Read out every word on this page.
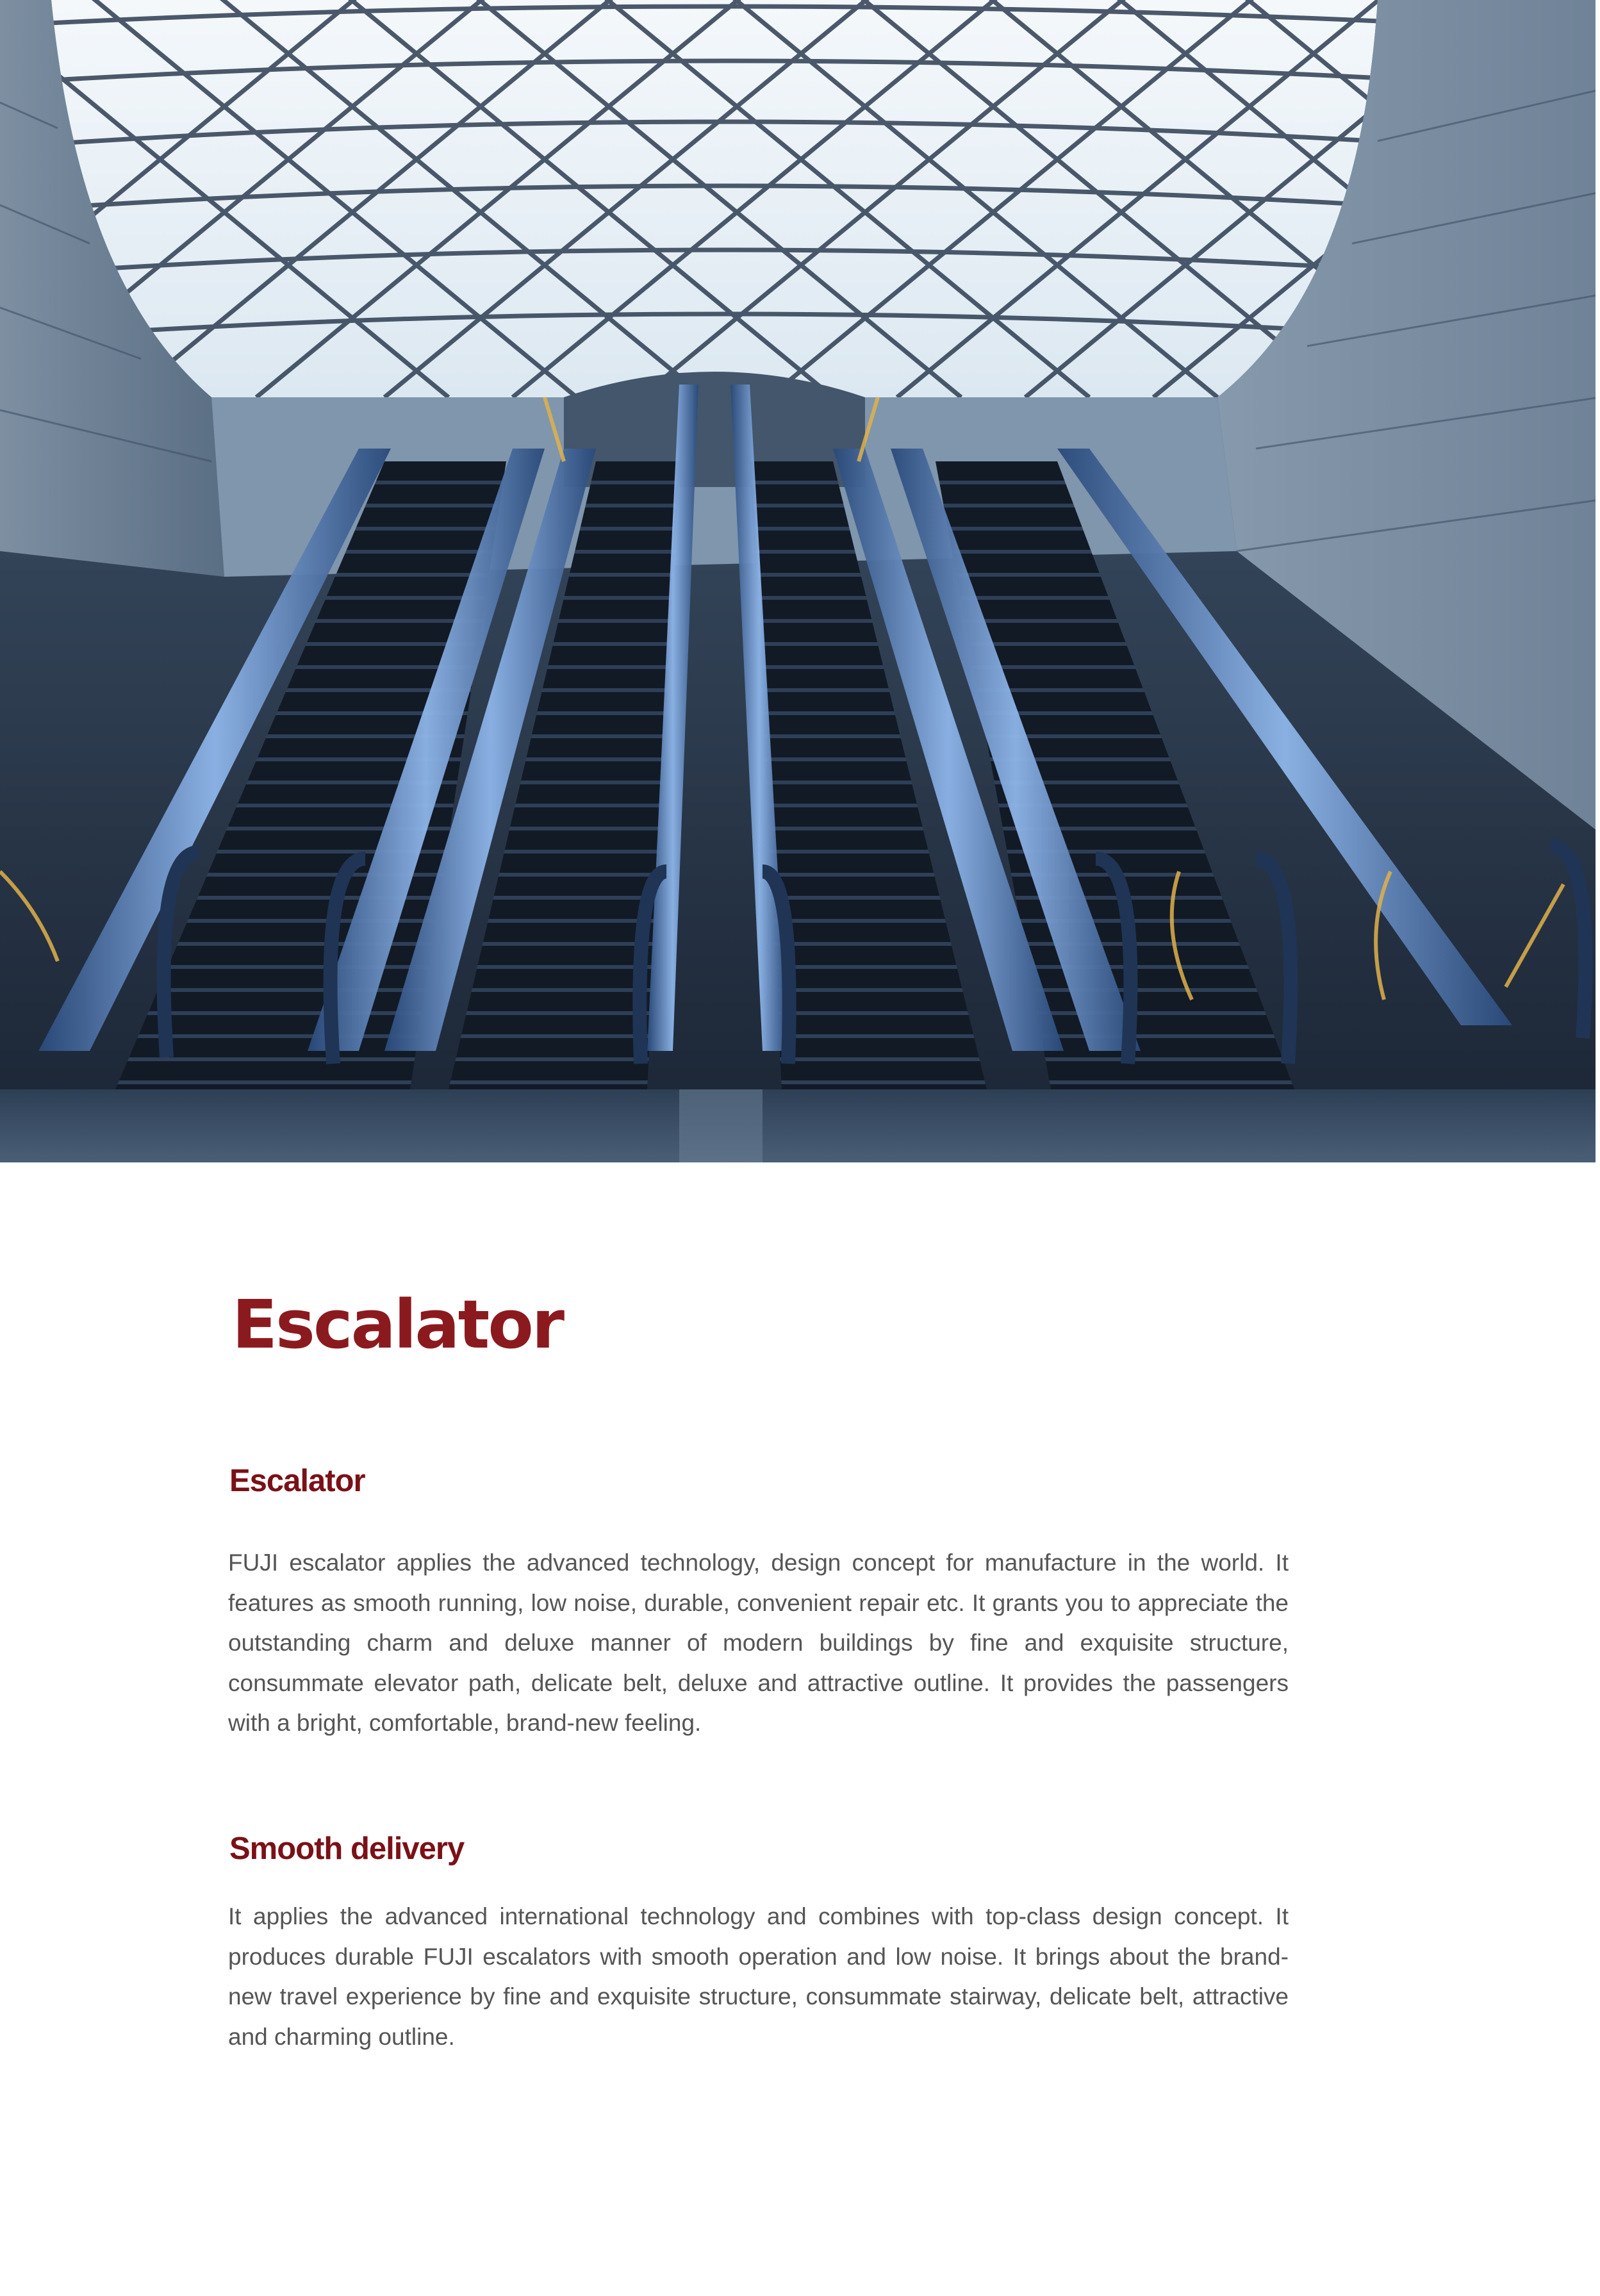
Escalator
Escalator

FUJI escalator applies the advanced technology, design concept for manufacture in the world. It features as smooth running, low noise, durable, convenient repair etc. It grants you to appreciate the outstanding charm and deluxe manner of modern buildings by fine and exquisite structure, consummate elevator path, delicate belt, deluxe and attractive outline. It provides the passengers with a bright, comfortable, brand-new feeling.

Smooth delivery

It applies the advanced international technology and combines with top-class design concept. It produces durable FUJI escalators with smooth operation and low noise. It brings about the brand-new travel experience by fine and exquisite structure, consummate stairway, delicate belt, attractive and charming outline.
